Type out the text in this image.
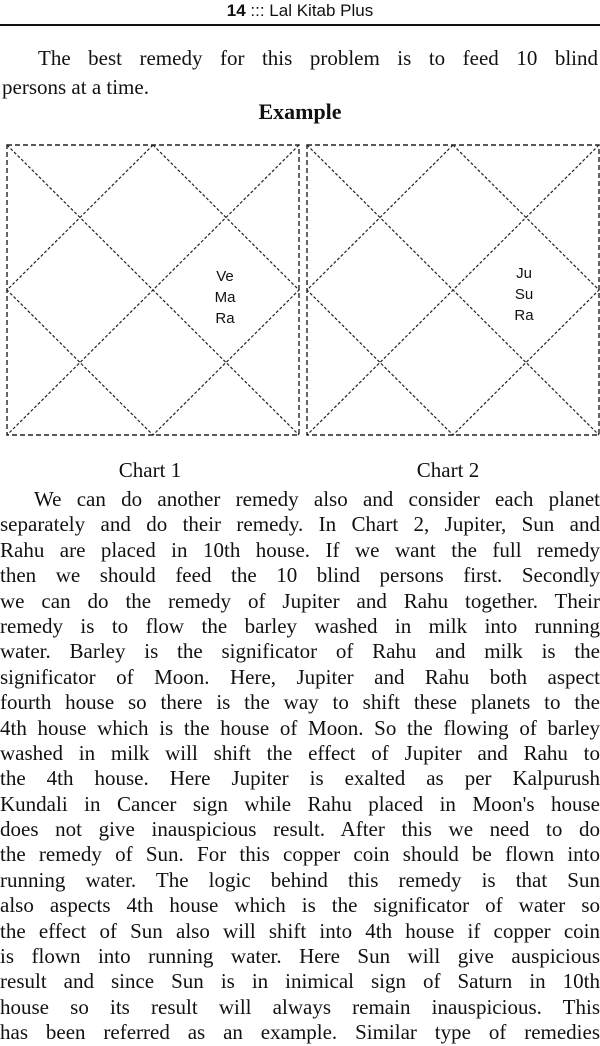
14 ::: Lal Kitab Plus
The best remedy for this problem is to feed 10 blind
persons at a time.
Example
Ve
Ma
Ra
Ju
Su
Ra
Chart 1	Chart 2
We can do another remedy also and consider each planet
separately and do their remedy. In Chart 2, Jupiter, Sun and
Rahu are placed in 10th house. If we want the full remedy
then we should feed the 10 blind persons first. Secondly
we can do the remedy of Jupiter and Rahu together. Their
remedy is to flow the barley washed in milk into running
water. Barley is the significator of Rahu and milk is the
significator of Moon. Here, Jupiter and Rahu both aspect
fourth house so there is the way to shift these planets to the
4th house which is the house of Moon. So the flowing of barley
washed in milk will shift the effect of Jupiter and Rahu to
the 4th house. Here Jupiter is exalted as per Kalpurush
Kundali in Cancer sign while Rahu placed in Moon's house
does not give inauspicious result. After this we need to do
the remedy of Sun. For this copper coin should be flown into
running water. The logic behind this remedy is that Sun
also aspects 4th house which is the significator of water so
the effect of Sun also will shift into 4th house if copper coin
is flown into running water. Here Sun will give auspicious
result and since Sun is in inimical sign of Saturn in 10th
house so its result will always remain inauspicious. This
has been referred as an example. Similar type of remedies
